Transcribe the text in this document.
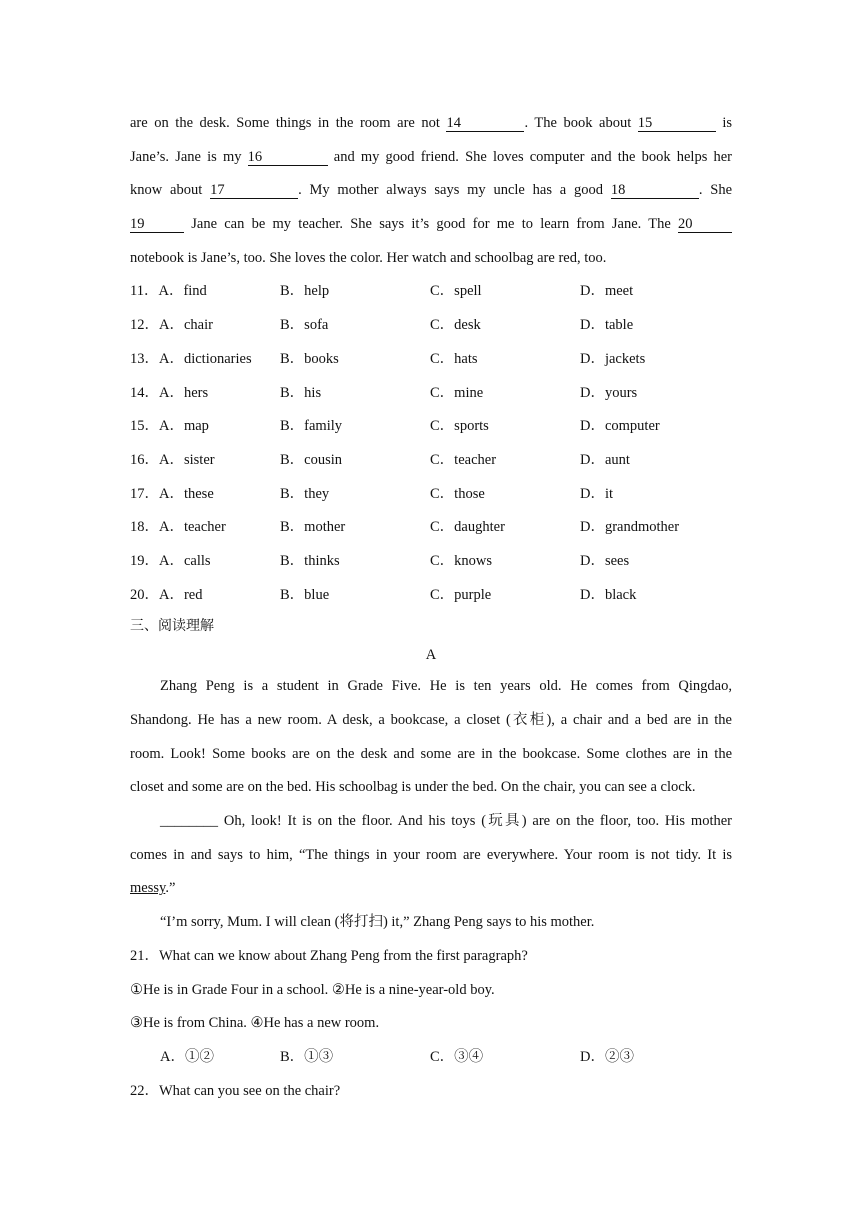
are on the desk. Some things in the room are not 14	. The book about 15	is
Jane’s. Jane is my 16	and my good friend. She loves computer and the book helps her
know about 17	. My mother always says my uncle has a good 18	. She
19	Jane can be my teacher. She says it’s good for me to learn from Jane. The 20
notebook is Jane’s, too. She loves the color. Her watch and schoolbag are red, too.
11．A．find	B．help	C．spell	D．meet
12．A．chair	B．sofa	C．desk	D．table
13．A．dictionaries B．books	C．hats	D．jackets
14．A．hers	B．his	C．mine	D．yours
15．A．map	B．family	C．sports	D．computer
16．A．sister	B．cousin	C．teacher	D．aunt
17．A．these	B．they	C．those	D．it
18．A．teacher	B．mother	C．daughter	D．grandmother
19．A．calls	B．thinks	C．knows	D．sees
20．A．red	B．blue	C．purple	D．black
三、阅读理解
A
Zhang Peng is a student in Grade Five. He is ten years old. He comes from Qingdao,
Shandong. He has a new room. A desk, a bookcase, a closet (衣柜), a chair and a bed are in the
room. Look! Some books are on the desk and some are in the bookcase. Some clothes are in the
closet and some are on the bed. His schoolbag is under the bed. On the chair, you can see a clock.
________ Oh, look! It is on the floor. And his toys (玩具) are on the floor, too. His mother
comes in and says to him, “The things in your room are everywhere. Your room is not tidy. It is
messy.”
“I’m sorry, Mum. I will clean (将打扫) it,” Zhang Peng says to his mother.
21．What can we know about Zhang Peng from the first paragraph?
①He is in Grade Four in a school. ②He is a nine-year-old boy.
③He is from China. ④He has a new room.
A．①②	B．①③	C．③④	D．②③
22．What can you see on the chair?
